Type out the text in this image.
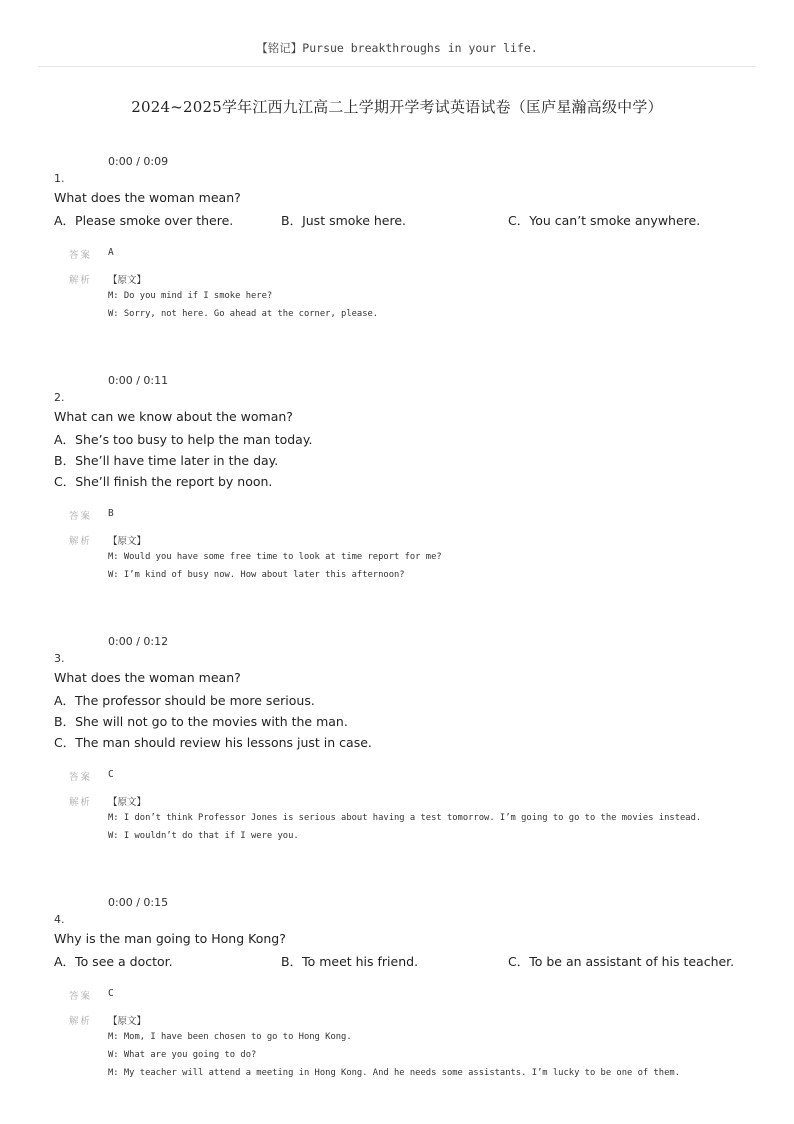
【铭记】Pursue breakthroughs in your life.
2024~2025学年江西九江高二上学期开学考试英语试卷（匡庐星瀚高级中学）
0:00 / 0:09
1.
What does the woman mean?
A．Please smoke over there.	B．Just smoke here.	C．You can’t smoke anywhere.
答案 A
解析 【原文】
M: Do you mind if I smoke here?
W: Sorry, not here. Go ahead at the corner, please.
0:00 / 0:11
2.
What can we know about the woman?
A．She’s too busy to help the man today.
B．She’ll have time later in the day.
C．She’ll finish the report by noon.
答案 B
解析 【原文】
M: Would you have some free time to look at time report for me?
W: I’m kind of busy now. How about later this afternoon?
0:00 / 0:12
3.
What does the woman mean?
A．The professor should be more serious.
B．She will not go to the movies with the man.
C．The man should review his lessons just in case.
答案 C
解析 【原文】
M: I don’t think Professor Jones is serious about having a test tomorrow. I’m going to go to the movies instead.
W: I wouldn’t do that if I were you.
0:00 / 0:15
4.
Why is the man going to Hong Kong?
A．To see a doctor.	B．To meet his friend.	C．To be an assistant of his teacher.
答案 C
解析 【原文】
M: Mom, I have been chosen to go to Hong Kong.
W: What are you going to do?
M: My teacher will attend a meeting in Hong Kong. And he needs some assistants. I’m lucky to be one of them.
